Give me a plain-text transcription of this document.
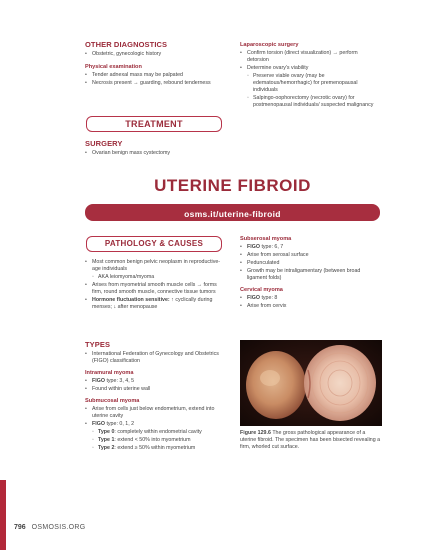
OTHER DIAGNOSTICS
• Obstetric, gynecologic history
Physical examination
• Tender adnexal mass may be palpated
• Necrosis present → guarding, rebound tenderness
Laparoscopic surgery
• Confirm torsion (direct visualization) → perform detorsion
• Determine ovary's viability
◦ Preserve viable ovary (may be edematous/hemorrhagic) for premenopausal individuals
◦ Salpingo-oophorectomy (necrotic ovary) for postmenopausal individuals/ suspected malignancy
TREATMENT
SURGERY
• Ovarian benign mass cystectomy
UTERINE FIBROID
osms.it/uterine-fibroid
PATHOLOGY & CAUSES
• Most common benign pelvic neoplasm in reproductive-age individuals
◦ AKA leiomyoma/myoma
• Arises from myometrial smooth muscle cells → forms firm, round smooth muscle, connective tissue tumors
• Hormone fluctuation sensitive: ↑ cyclically during menses; ↓ after menopause
TYPES
• International Federation of Gynecology and Obstetrics (FIGO) classification
Intramural myoma
• FIGO type: 3, 4, 5
• Found within uterine wall
Submucosal myoma
• Arise from cells just below endometrium, extend into uterine cavity
• FIGO type: 0, 1, 2
◦ Type 0: completely within endometrial cavity
◦ Type 1: extend < 50% into myometrium
◦ Type 2: extend ≥ 50% within myometrium
Subserosal myoma
• FIGO type: 6, 7
• Arise from serosal surface
• Pedunculated
• Growth may be intraligamentary (between broad ligament folds)
Cervical myoma
• FIGO type: 8
• Arise from cervix
Figure 129.6 The gross pathological appearance of a uterine fibroid. The specimen has been bisected revealing a firm, whorled cut surface.
796 OSMOSIS.ORG
